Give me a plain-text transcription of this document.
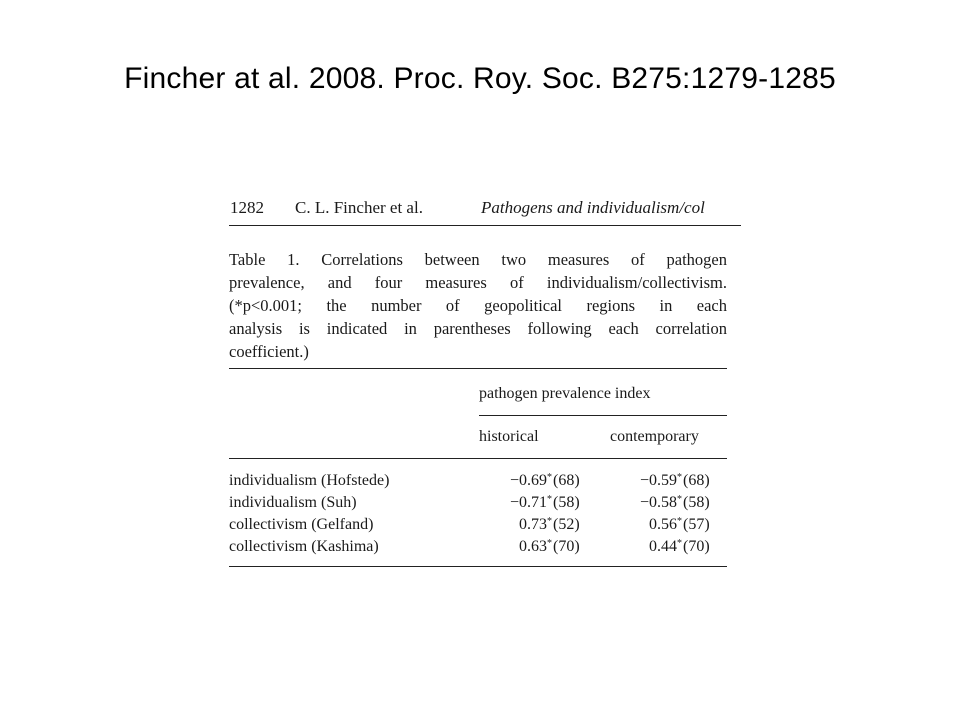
Fincher at al. 2008. Proc. Roy. Soc. B275:1279-1285
1282 C. L. Fincher et al.	Pathogens and individualism/col
Table 1. Correlations between two measures of pathogen
prevalence, and four measures of individualism/collectivism.
(*p<0.001; the number of geopolitical regions in each
analysis is indicated in parentheses following each correlation
coefficient.)
pathogen prevalence index
historical	contemporary
individualism (Hofstede)	−0.69* (68)	−0.59* (68)
individualism (Suh)	−0.71* (58)	−0.58* (58)
collectivism (Gelfand)	0.73* (52)	0.56* (57)
collectivism (Kashima)	0.63* (70)	0.44* (70)
